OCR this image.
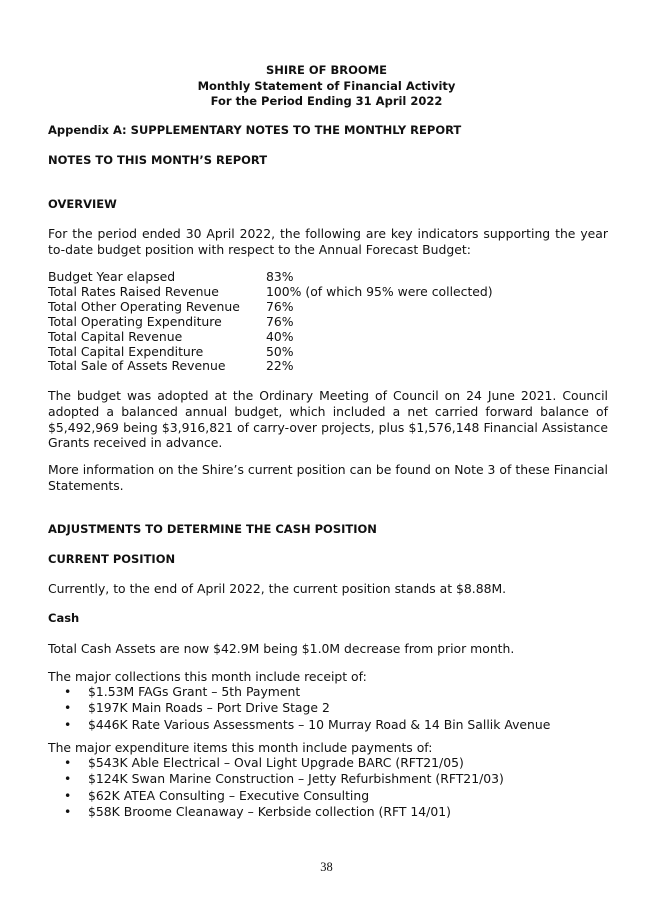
SHIRE OF BROOME
Monthly Statement of Financial Activity
For the Period Ending 31 April 2022
Appendix A: SUPPLEMENTARY NOTES TO THE MONTHLY REPORT
NOTES TO THIS MONTH’S REPORT
OVERVIEW
For the period ended 30 April 2022, the following are key indicators supporting the year to-date budget position with respect to the Annual Forecast Budget:
Budget Year elapsed	83%
Total Rates Raised Revenue	100% (of which 95% were collected)
Total Other Operating Revenue	76%
Total Operating Expenditure	76%
Total Capital Revenue	40%
Total Capital Expenditure	50%
Total Sale of Assets Revenue	22%
The budget was adopted at the Ordinary Meeting of Council on 24 June 2021. Council adopted a balanced annual budget, which included a net carried forward balance of $5,492,969 being $3,916,821 of carry-over projects, plus $1,576,148 Financial Assistance Grants received in advance.
More information on the Shire’s current position can be found on Note 3 of these Financial Statements.
ADJUSTMENTS TO DETERMINE THE CASH POSITION
CURRENT POSITION
Currently, to the end of April 2022, the current position stands at $8.88M.
Cash
Total Cash Assets are now $42.9M being $1.0M decrease from prior month.
The major collections this month include receipt of:
• $1.53M FAGs Grant – 5th Payment
• $197K Main Roads – Port Drive Stage 2
• $446K Rate Various Assessments – 10 Murray Road & 14 Bin Sallik Avenue
The major expenditure items this month include payments of:
• $543K Able Electrical – Oval Light Upgrade BARC (RFT21/05)
• $124K Swan Marine Construction – Jetty Refurbishment (RFT21/03)
• $62K ATEA Consulting – Executive Consulting
• $58K Broome Cleanaway – Kerbside collection (RFT 14/01)
38
